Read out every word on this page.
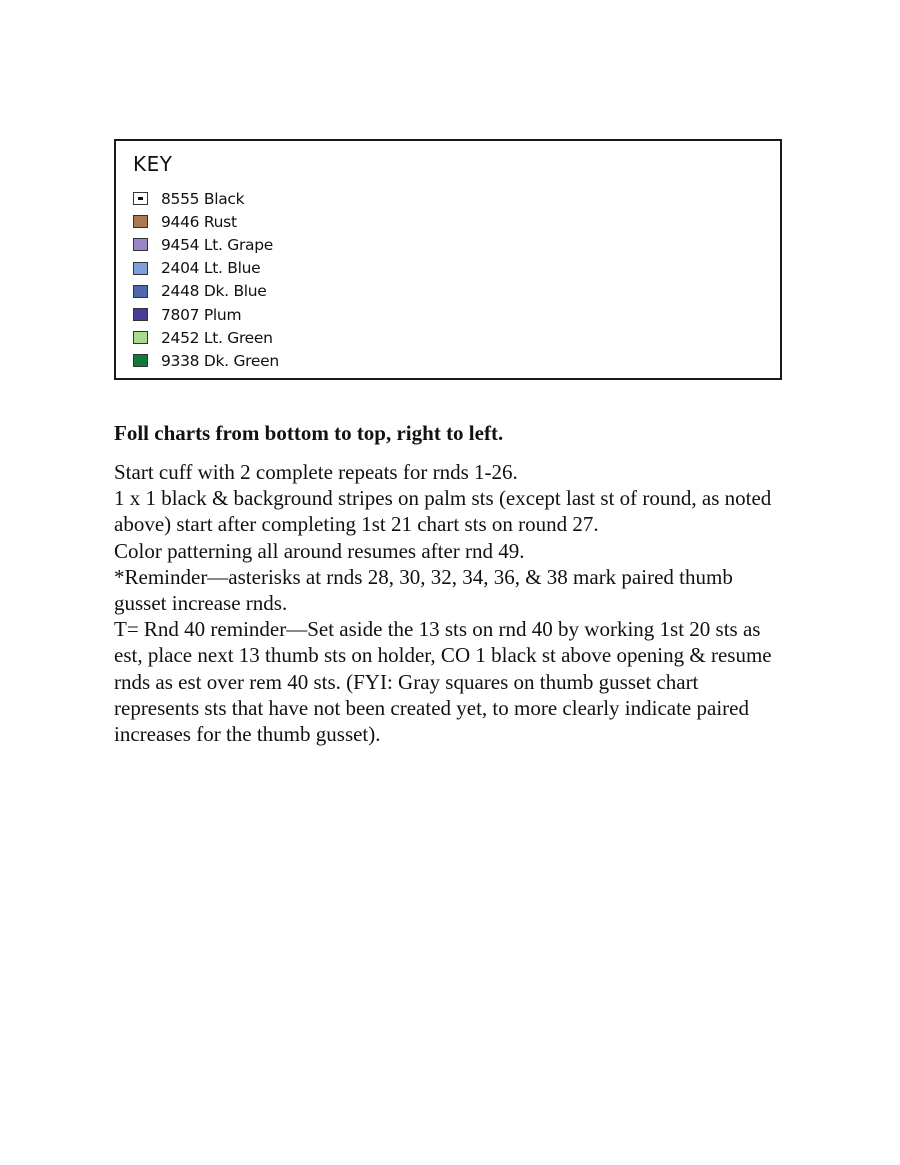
KEY
8555 Black
9446 Rust
9454 Lt. Grape
2404 Lt. Blue
2448 Dk. Blue
7807 Plum
2452 Lt. Green
9338 Dk. Green

Foll charts from bottom to top, right to left.

Start cuff with 2 complete repeats for rnds 1-26.

1 x 1 black & background stripes on palm sts (except last st of round, as noted above) start after completing 1st 21 chart sts on round 27.

Color patterning all around resumes after rnd 49.

*Reminder—asterisks at rnds 28, 30, 32, 34, 36, & 38 mark paired thumb gusset increase rnds.

T= Rnd 40 reminder—Set aside the 13 sts on rnd 40 by working 1st 20 sts as est, place next 13 thumb sts on holder, CO 1 black st above opening & resume rnds as est over rem 40 sts. (FYI: Gray squares on thumb gusset chart represents sts that have not been created yet, to more clearly indicate paired increases for the thumb gusset).
